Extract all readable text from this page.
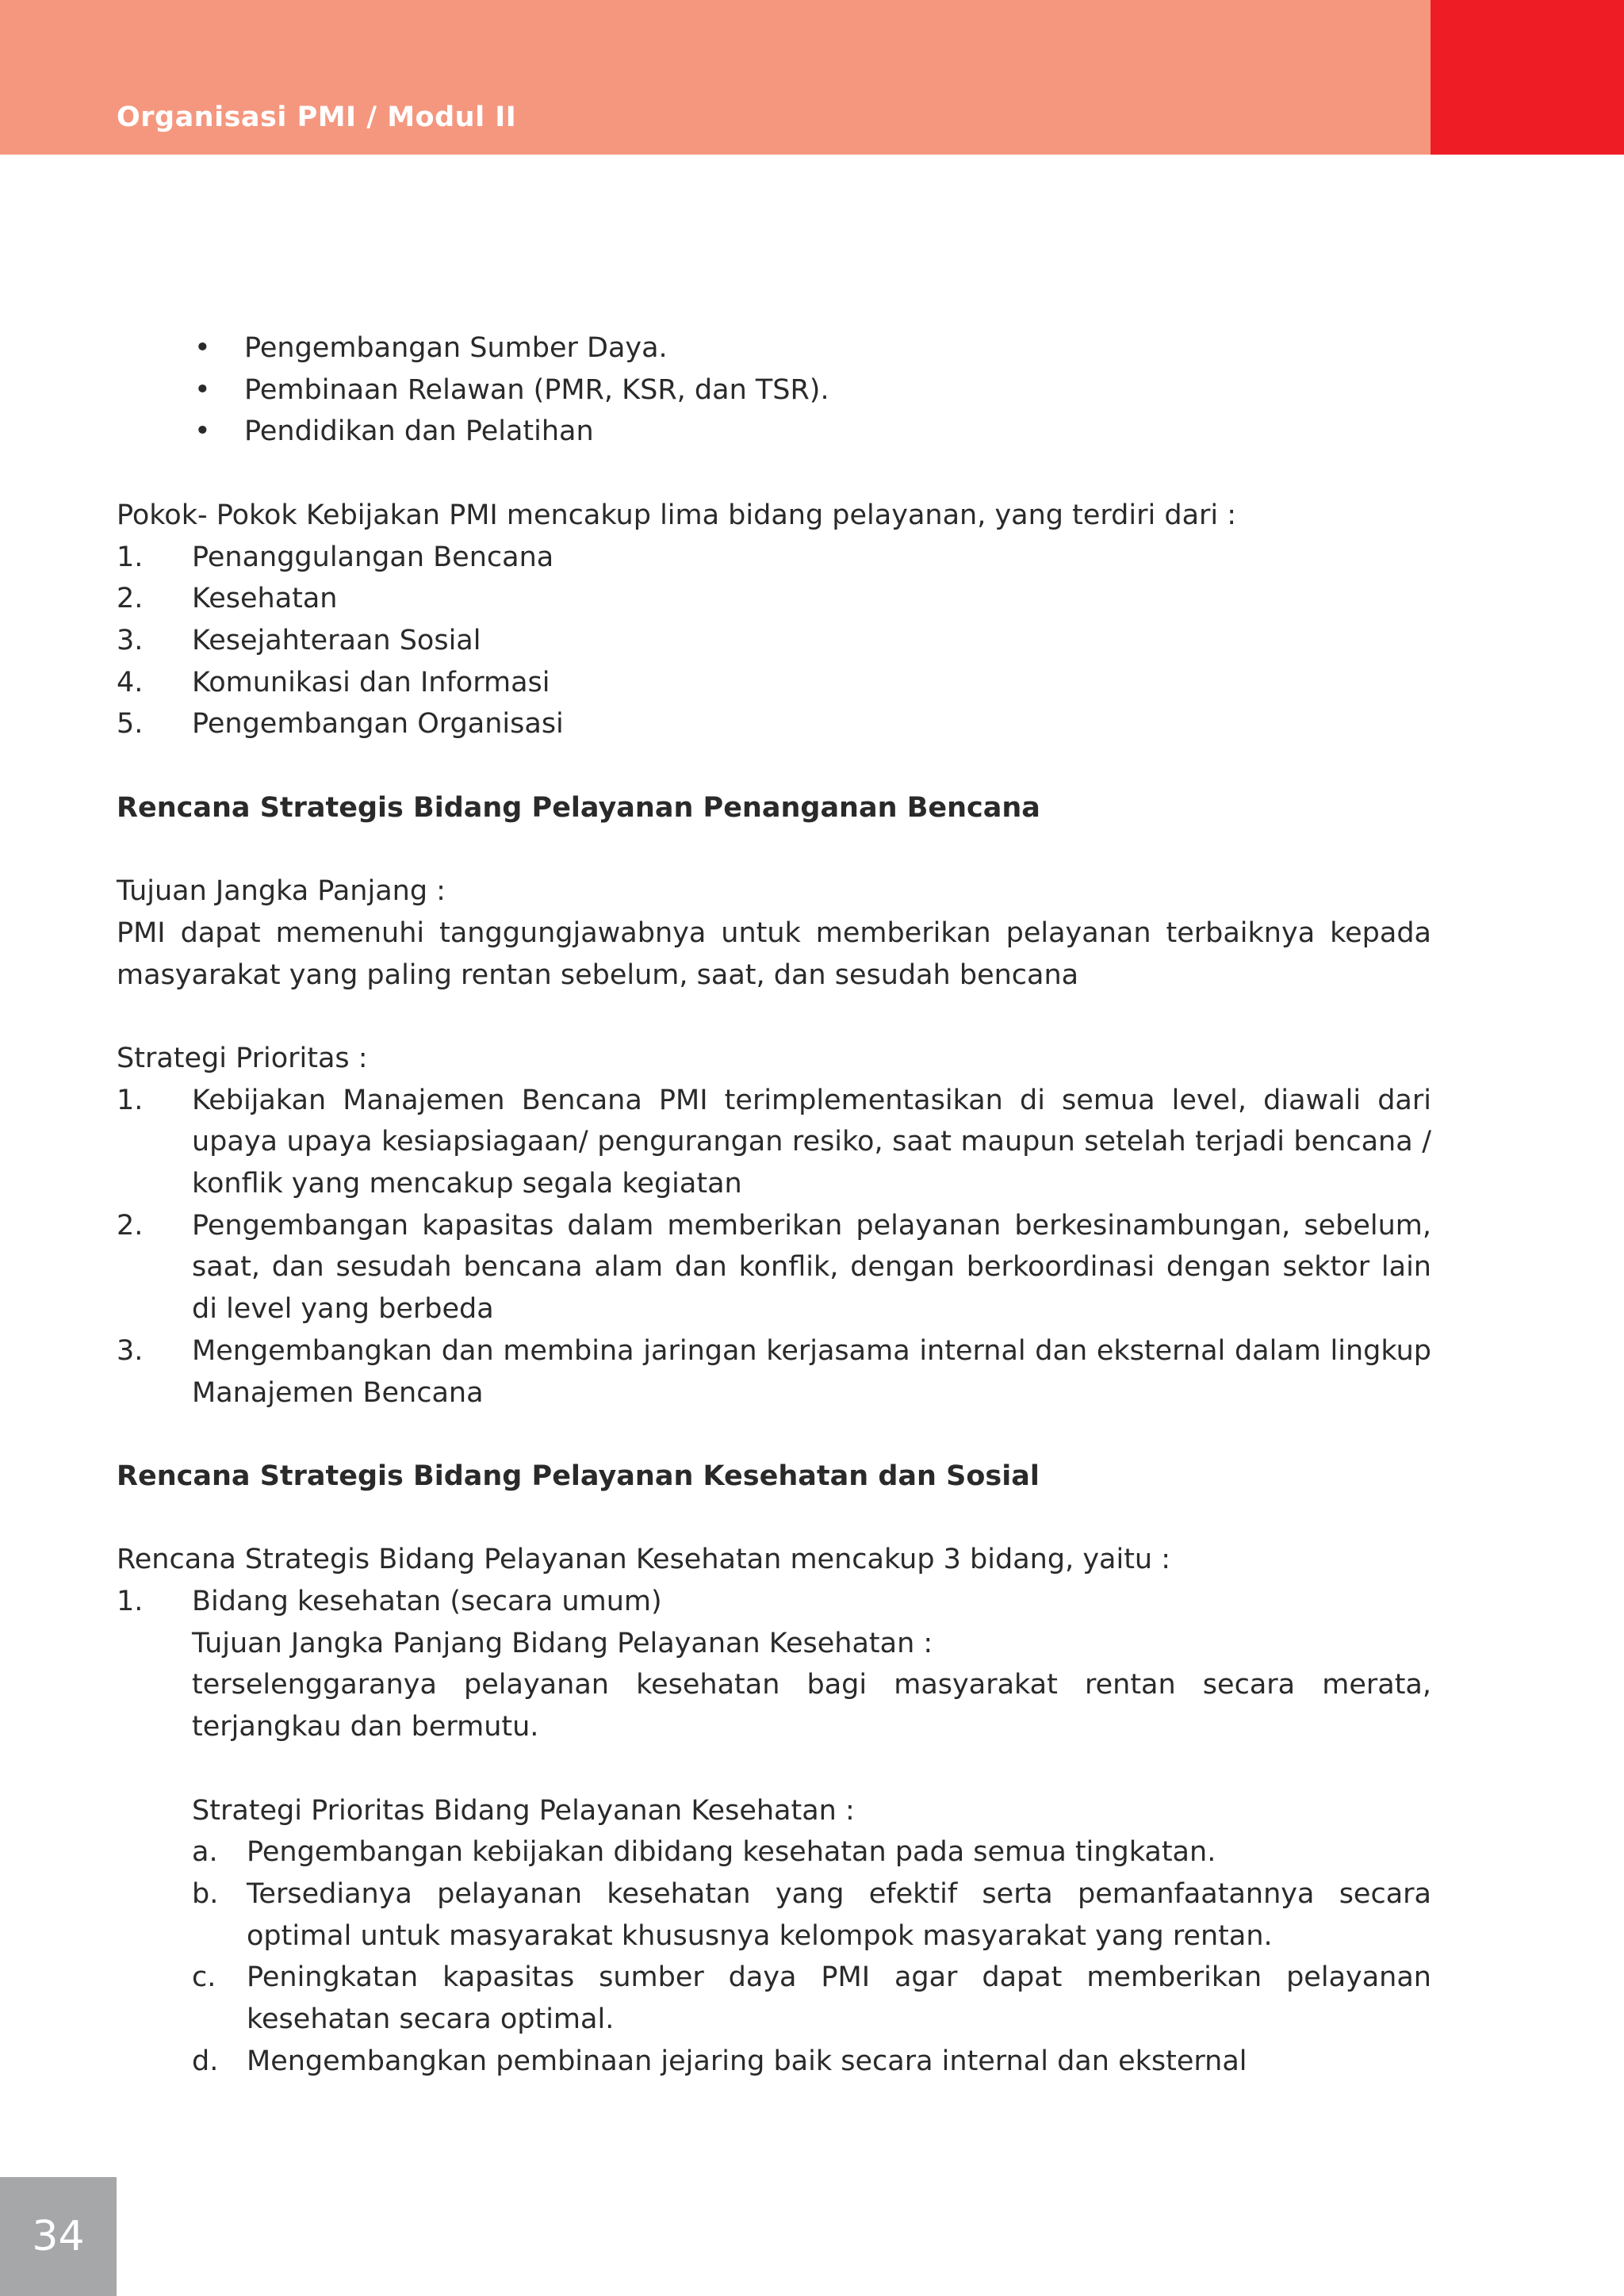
Organisasi PMI / Modul II
•	Pengembangan Sumber Daya.
•	Pembinaan Relawan (PMR, KSR, dan TSR).
•	Pendidikan dan Pelatihan
Pokok- Pokok Kebijakan PMI mencakup lima bidang pelayanan, yang terdiri dari :
1.	Penanggulangan Bencana
2.	Kesehatan
3.	Kesejahteraan Sosial
4.	Komunikasi dan Informasi
5.	Pengembangan Organisasi
Rencana Strategis Bidang Pelayanan Penanganan Bencana
Tujuan Jangka Panjang :
PMI dapat memenuhi tanggungjawabnya untuk memberikan pelayanan terbaiknya kepada masyarakat yang paling rentan sebelum, saat, dan sesudah bencana
Strategi Prioritas :
1.	Kebijakan Manajemen Bencana PMI terimplementasikan di semua level, diawali dari upaya upaya kesiapsiagaan/ pengurangan resiko, saat maupun setelah terjadi bencana / konflik yang mencakup segala kegiatan
2.	Pengembangan kapasitas dalam memberikan pelayanan berkesinambungan, sebelum, saat, dan sesudah bencana alam dan konflik, dengan berkoordinasi dengan sektor lain di level yang berbeda
3.	Mengembangkan dan membina jaringan kerjasama internal dan eksternal dalam lingkup Manajemen Bencana
Rencana Strategis Bidang Pelayanan Kesehatan dan Sosial
Rencana Strategis Bidang Pelayanan Kesehatan mencakup 3 bidang, yaitu :
1.	Bidang kesehatan (secara umum)
Tujuan Jangka Panjang Bidang Pelayanan Kesehatan :
terselenggaranya pelayanan kesehatan bagi masyarakat rentan secara merata, terjangkau dan bermutu.
Strategi Prioritas Bidang Pelayanan Kesehatan :
a.	Pengembangan kebijakan dibidang kesehatan pada semua tingkatan.
b.	Tersedianya pelayanan kesehatan yang efektif serta pemanfaatannya secara optimal untuk masyarakat khususnya kelompok masyarakat yang rentan.
c.	Peningkatan kapasitas sumber daya PMI agar dapat memberikan pelayanan kesehatan secara optimal.
d.	Mengembangkan pembinaan jejaring baik secara internal dan eksternal
34
